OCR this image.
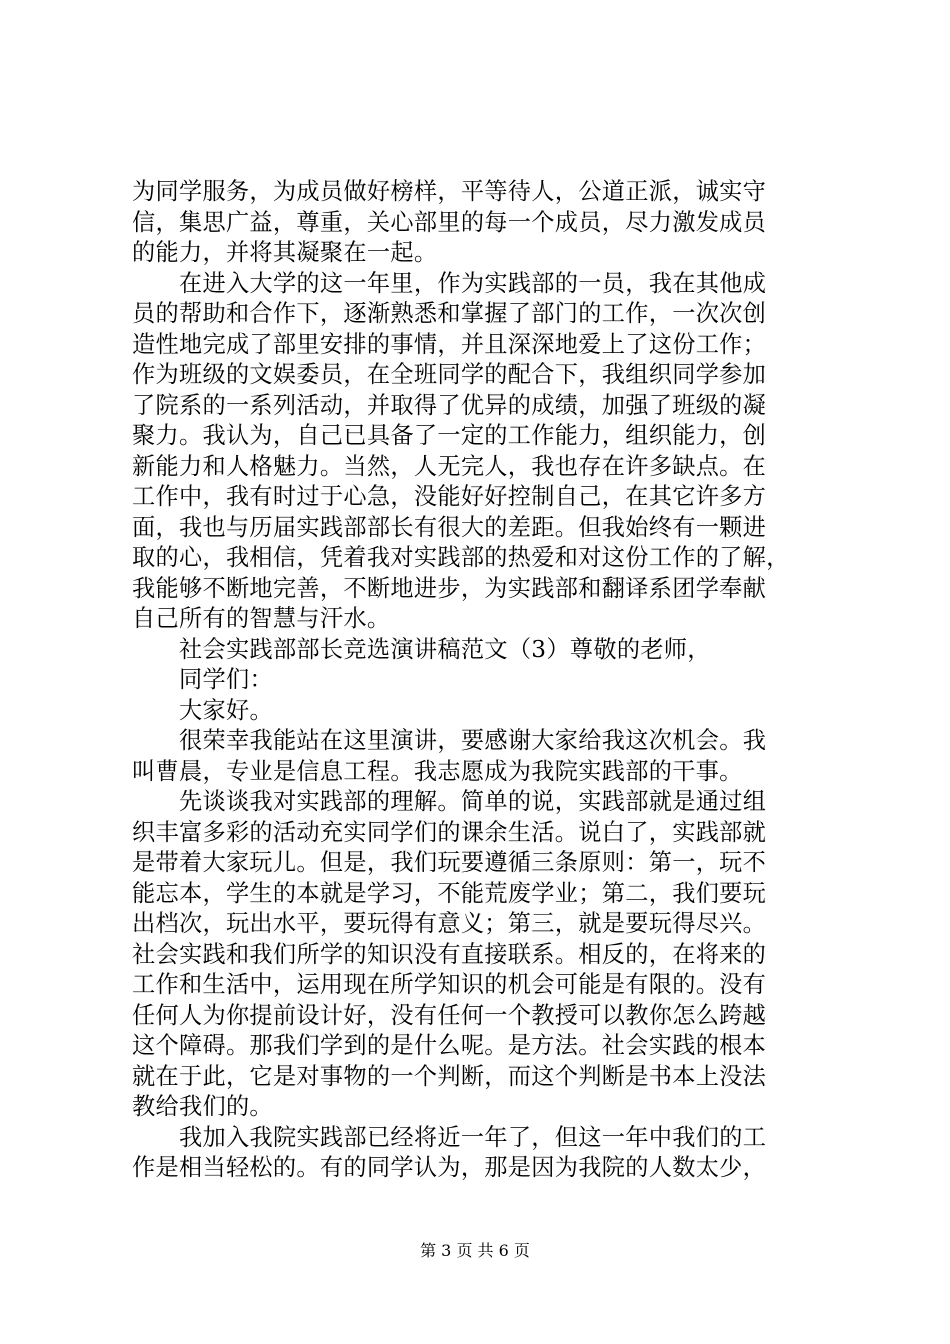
为同学服务，为成员做好榜样，平等待人，公道正派，诚实守
信，集思广益，尊重，关心部里的每一个成员，尽力激发成员
的能力，并将其凝聚在一起。
在进入大学的这一年里，作为实践部的一员，我在其他成
员的帮助和合作下，逐渐熟悉和掌握了部门的工作，一次次创
造性地完成了部里安排的事情，并且深深地爱上了这份工作；
作为班级的文娱委员，在全班同学的配合下，我组织同学参加
了院系的一系列活动，并取得了优异的成绩，加强了班级的凝
聚力。我认为，自己已具备了一定的工作能力，组织能力，创
新能力和人格魅力。当然，人无完人，我也存在许多缺点。在
工作中，我有时过于心急，没能好好控制自己，在其它许多方
面，我也与历届实践部部长有很大的差距。但我始终有一颗进
取的心，我相信，凭着我对实践部的热爱和对这份工作的了解，
我能够不断地完善，不断地进步，为实践部和翻译系团学奉献
自己所有的智慧与汗水。
社会实践部部长竞选演讲稿范文（3）尊敬的老师，
同学们：
大家好。
很荣幸我能站在这里演讲，要感谢大家给我这次机会。我
叫曹晨，专业是信息工程。我志愿成为我院实践部的干事。
先谈谈我对实践部的理解。简单的说，实践部就是通过组
织丰富多彩的活动充实同学们的课余生活。说白了，实践部就
是带着大家玩儿。但是，我们玩要遵循三条原则：第一，玩不
能忘本，学生的本就是学习，不能荒废学业；第二，我们要玩
出档次，玩出水平，要玩得有意义；第三，就是要玩得尽兴。
社会实践和我们所学的知识没有直接联系。相反的，在将来的
工作和生活中，运用现在所学知识的机会可能是有限的。没有
任何人为你提前设计好，没有任何一个教授可以教你怎么跨越
这个障碍。那我们学到的是什么呢。是方法。社会实践的根本
就在于此，它是对事物的一个判断，而这个判断是书本上没法
教给我们的。
我加入我院实践部已经将近一年了，但这一年中我们的工
作是相当轻松的。有的同学认为，那是因为我院的人数太少，
第 3 页 共 6 页
